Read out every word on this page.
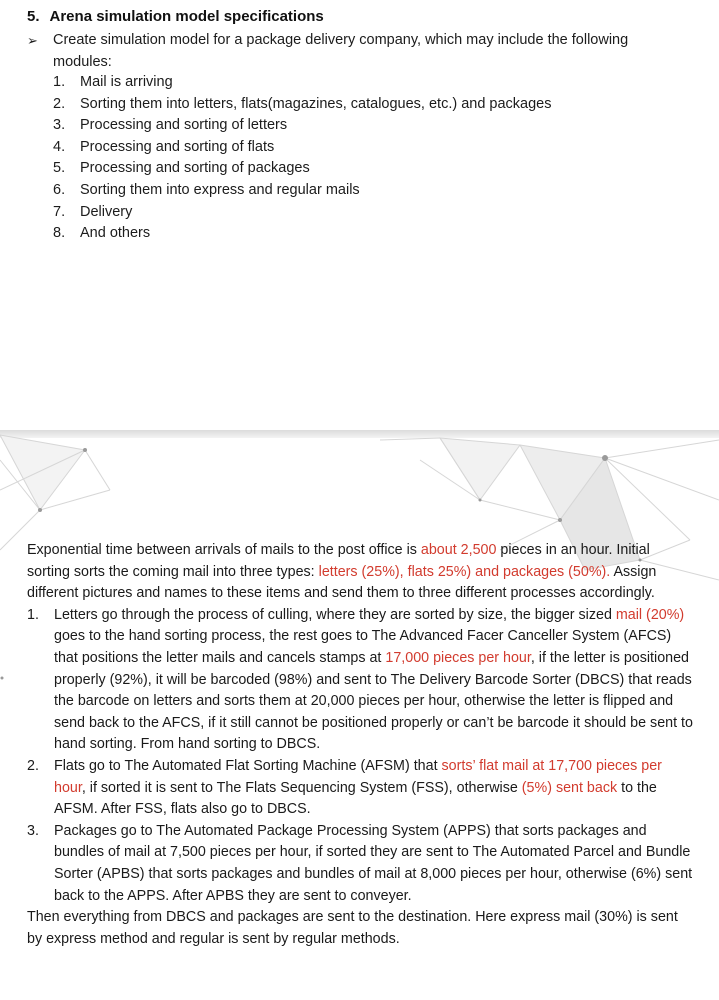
5. Arena simulation model specifications
➢	Create simulation model for a package delivery company, which may include the following modules:
1.	Mail is arriving
2.	Sorting them into letters, flats(magazines, catalogues, etc.) and packages
3.	Processing and sorting of letters
4.	Processing and sorting of flats
5.	Processing and sorting of packages
6.	Sorting them into express and regular mails
7.	Delivery
8.	And others

Exponential time between arrivals of mails to the post office is about 2,500 pieces in an hour. Initial sorting sorts the coming mail into three types: letters (25%), flats 25%) and packages (50%). Assign different pictures and names to these items and send them to three different processes accordingly.

1. Letters go through the process of culling, where they are sorted by size, the bigger sized mail (20%) goes to the hand sorting process, the rest goes to The Advanced Facer Canceller System (AFCS) that positions the letter mails and cancels stamps at 17,000 pieces per hour, if the letter is positioned properly (92%), it will be barcoded (98%) and sent to The Delivery Barcode Sorter (DBCS) that reads the barcode on letters and sorts them at 20,000 pieces per hour, otherwise the letter is flipped and send back to the AFCS, if it still cannot be positioned properly or can’t be barcode it should be sent to hand sorting. From hand sorting to DBCS.
2. Flats go to The Automated Flat Sorting Machine (AFSM) that sorts’ flat mail at 17,700 pieces per hour, if sorted it is sent to The Flats Sequencing System (FSS), otherwise (5%) sent back to the AFSM. After FSS, flats also go to DBCS.
3. Packages go to The Automated Package Processing System (APPS) that sorts packages and bundles of mail at 7,500 pieces per hour, if sorted they are sent to The Automated Parcel and Bundle Sorter (APBS) that sorts packages and bundles of mail at 8,000 pieces per hour, otherwise (6%) sent back to the APPS. After APBS they are sent to conveyer.

Then everything from DBCS and packages are sent to the destination. Here express mail (30%) is sent by express method and regular is sent by regular methods.
